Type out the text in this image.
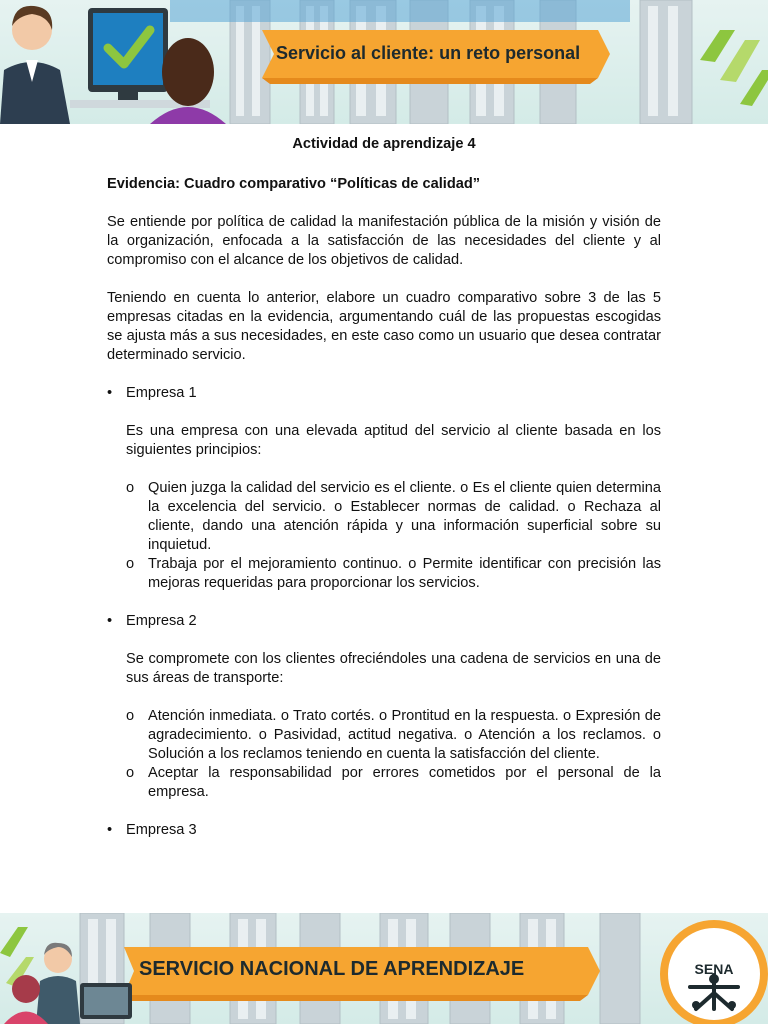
Servicio al cliente: un reto personal

Actividad de aprendizaje 4

Evidencia: Cuadro comparativo “Políticas de calidad”

Se entiende por política de calidad la manifestación pública de la misión y visión de la organización, enfocada a la satisfacción de las necesidades del cliente y al compromiso con el alcance de los objetivos de calidad.

Teniendo en cuenta lo anterior, elabore un cuadro comparativo sobre 3 de las 5 empresas citadas en la evidencia, argumentando cuál de las propuestas escogidas se ajusta más a sus necesidades, en este caso como un usuario que desea contratar determinado servicio.

• Empresa 1

Es una empresa con una elevada aptitud del servicio al cliente basada en los siguientes principios:

o Quien juzga la calidad del servicio es el cliente. o Es el cliente quien determina la excelencia del servicio. o Establecer normas de calidad. o Rechaza al cliente, dando una atención rápida y una información superficial sobre su inquietud.
o Trabaja por el mejoramiento continuo. o Permite identificar con precisión las mejoras requeridas para proporcionar los servicios.

• Empresa 2

Se compromete con los clientes ofreciéndoles una cadena de servicios en una de sus áreas de transporte:

o Atención inmediata. o Trato cortés. o Prontitud en la respuesta. o Expresión de agradecimiento. o Pasividad, actitud negativa. o Atención a los reclamos. o Solución a los reclamos teniendo en cuenta la satisfacción del cliente.
o Aceptar la responsabilidad por errores cometidos por el personal de la empresa.

• Empresa 3

SERVICIO NACIONAL DE APRENDIZAJE	SENA
